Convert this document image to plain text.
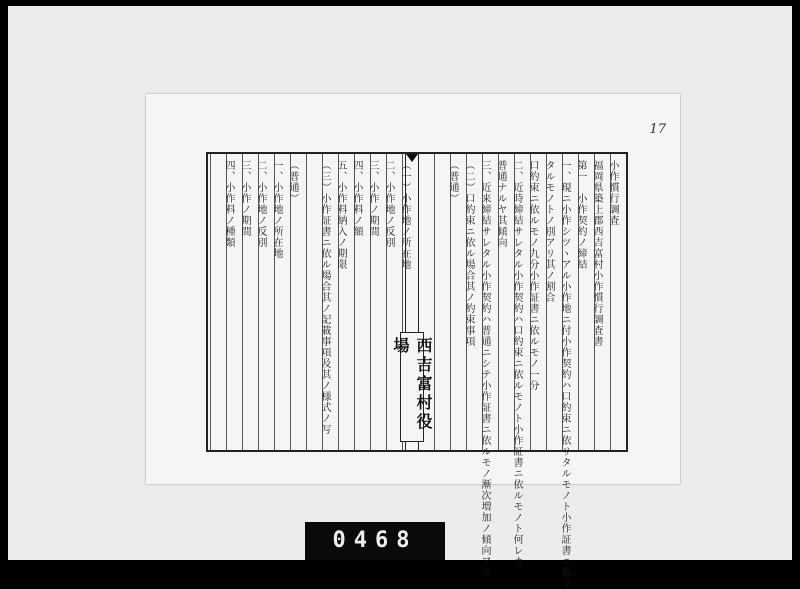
17
西吉富村役場
小作慣行調査
福岡県築上郡西吉富村小作慣行調査書
第一　小作契約ノ締結
一、現ニ小作シツヽアル小作地ニ付小作契約ハ口約束ニ依リタルモノト小作証書ニ依リ
タルモノトノ別アリ其ノ割合
口約束ニ依ルモノ九分小作証書ニ依ルモノ一分
二、近時締結サレタル小作契約ハ口約束ニ依ルモノト小作証書ニ依ルモノト何レカ
普通ナルヤ其傾向
三、近来締結サレタル小作契約ハ普通ニシテ小作証書ニ依ルモノ漸次増加ノ傾向アリ
（二）口約束ニ依ル場合其ノ約束事項
（普通）
（一）小作地ノ所在地
二、小作地ノ反別
三、小作ノ期間
四、小作料ノ額
五、小作料納入ノ期限
（三）小作証書ニ依ル場合其ノ記載事項及其ノ様式ノ写
（普通）
一、小作地ノ所在地
二、小作地ノ反別
三、小作ノ期間
四、小作料ノ種類
0468
